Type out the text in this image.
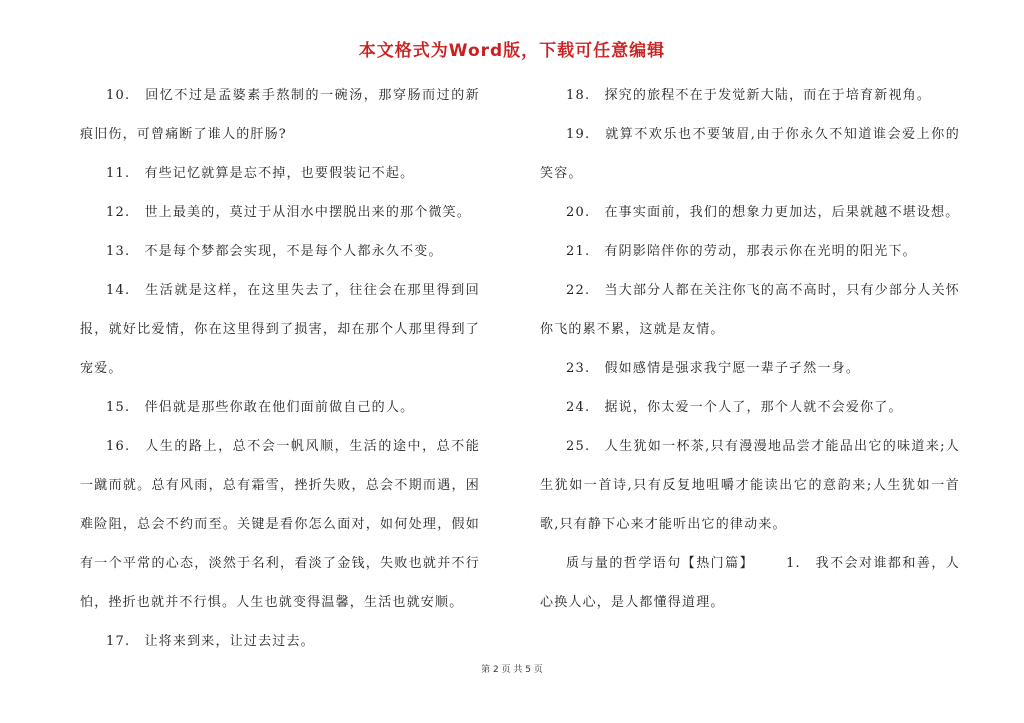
本文格式为Word版，下载可任意编辑

10.　回忆不过是孟婆素手熬制的一碗汤，那穿肠而过的新痕旧伤，可曾痛断了谁人的肝肠?

11.　有些记忆就算是忘不掉，也要假装记不起。

12.　世上最美的，莫过于从泪水中摆脱出来的那个微笑。

13.　不是每个梦都会实现，不是每个人都永久不变。

14.　生活就是这样，在这里失去了，往往会在那里得到回报，就好比爱情，你在这里得到了损害，却在那个人那里得到了宠爱。

15.　伴侣就是那些你敢在他们面前做自己的人。

16.　人生的路上，总不会一帆风顺，生活的途中，总不能一蹴而就。总有风雨，总有霜雪，挫折失败，总会不期而遇，困难险阻，总会不约而至。关键是看你怎么面对，如何处理，假如有一个平常的心态，淡然于名利，看淡了金钱，失败也就并不行怕，挫折也就并不行惧。人生也就变得温馨，生活也就安顺。

17.　让将来到来，让过去过去。

18.　探究的旅程不在于发觉新大陆，而在于培育新视角。

19.　就算不欢乐也不要皱眉,由于你永久不知道谁会爱上你的笑容。

20.　在事实面前，我们的想象力更加达，后果就越不堪设想。

21.　有阴影陪伴你的劳动，那表示你在光明的阳光下。

22.　当大部分人都在关注你飞的高不高时，只有少部分人关怀你飞的累不累，这就是友情。

23.　假如感情是强求我宁愿一辈子孑然一身。

24.　据说，你太爱一个人了，那个人就不会爱你了。

25.　人生犹如一杯茶,只有漫漫地品尝才能品出它的味道来;人生犹如一首诗,只有反复地咀嚼才能读出它的意韵来;人生犹如一首歌,只有静下心来才能听出它的律动来。

质与量的哲学语句【热门篇】 1.　我不会对谁都和善，人心换人心，是人都懂得道理。

第 2 页 共 5 页
